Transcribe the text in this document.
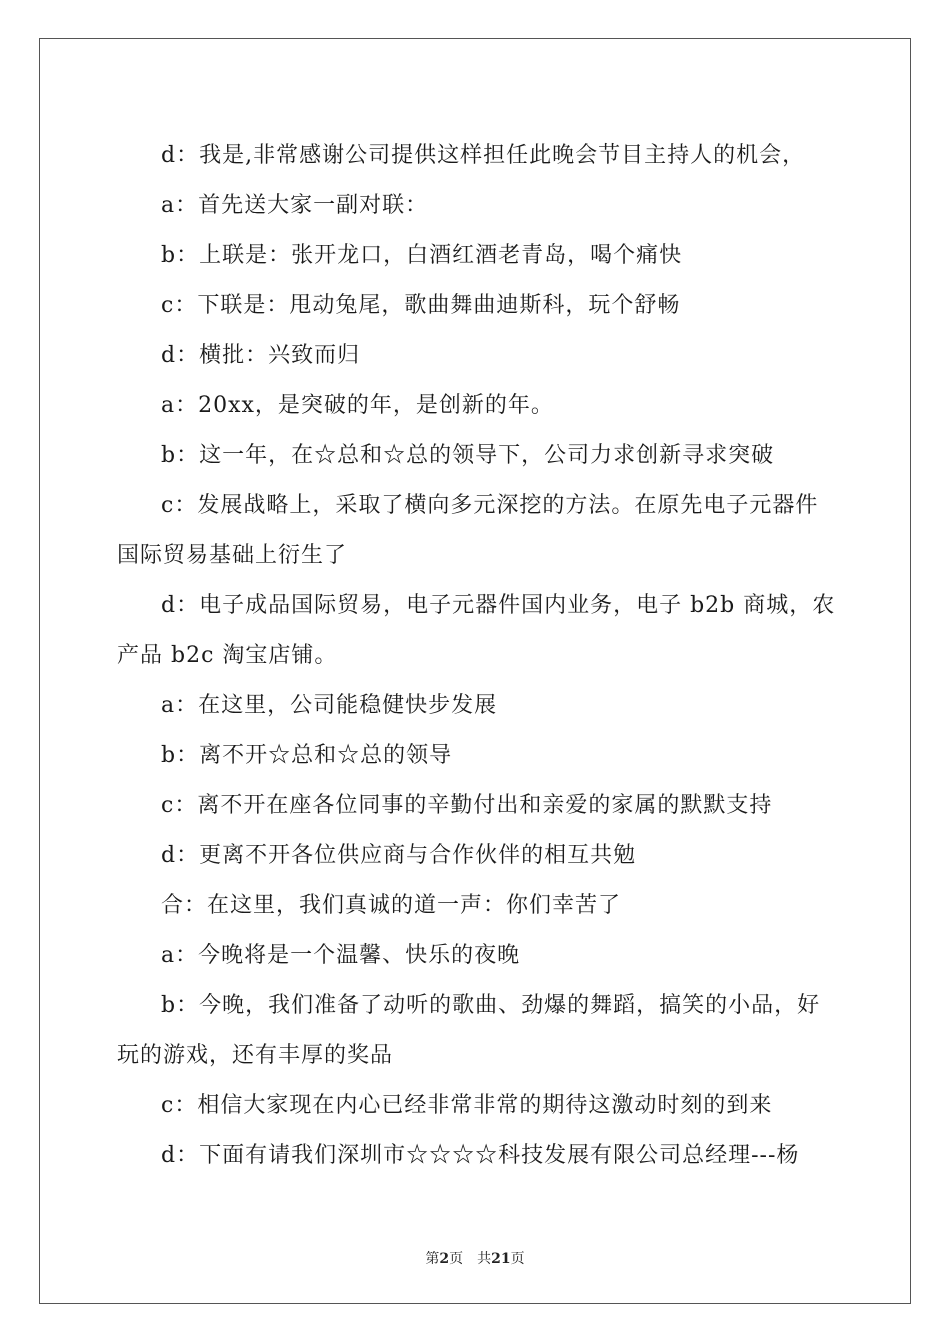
d：我是,非常感谢公司提供这样担任此晚会节目主持人的机会，

a：首先送大家一副对联：

b：上联是：张开龙口，白酒红酒老青岛，喝个痛快

c：下联是：甩动兔尾，歌曲舞曲迪斯科，玩个舒畅

d：横批：兴致而归

a：20xx，是突破的年，是创新的年。

b：这一年，在☆总和☆总的领导下，公司力求创新寻求突破

c：发展战略上，采取了横向多元深挖的方法。在原先电子元器件国际贸易基础上衍生了

d：电子成品国际贸易，电子元器件国内业务，电子 b2b 商城，农产品 b2c 淘宝店铺。

a：在这里，公司能稳健快步发展

b：离不开☆总和☆总的领导

c：离不开在座各位同事的辛勤付出和亲爱的家属的默默支持

d：更离不开各位供应商与合作伙伴的相互共勉

合：在这里，我们真诚的道一声：你们幸苦了

a：今晚将是一个温馨、快乐的夜晚

b：今晚，我们准备了动听的歌曲、劲爆的舞蹈，搞笑的小品，好玩的游戏，还有丰厚的奖品

c：相信大家现在内心已经非常非常的期待这激动时刻的到来

d：下面有请我们深圳市☆☆☆☆科技发展有限公司总经理---杨

第2页　共21页
